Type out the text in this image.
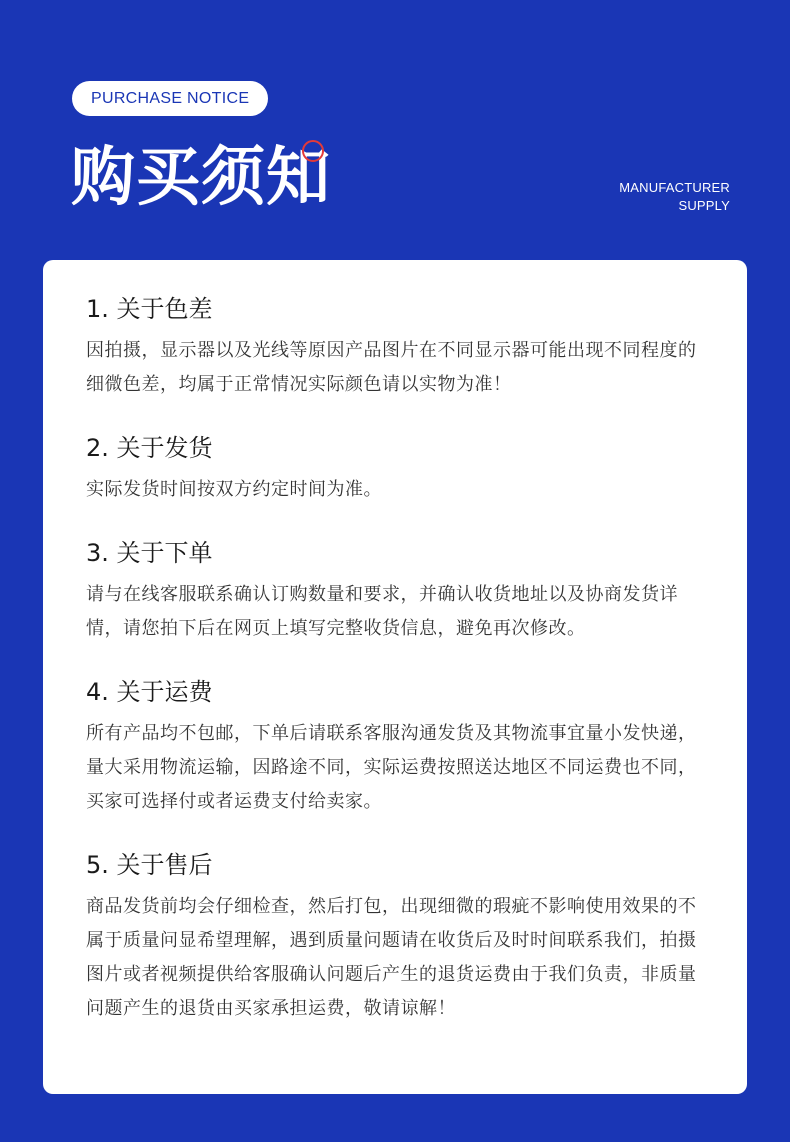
PURCHASE NOTICE
购买须知	MANUFACTURER
SUPPLY
1. 关于色差

因拍摄，显示器以及光线等原因产品图片在不同显示器可能出现不同程度的细微色差，均属于正常情况实际颜色请以实物为准！

2. 关于发货

实际发货时间按双方约定时间为准。

3. 关于下单

请与在线客服联系确认订购数量和要求，并确认收货地址以及协商发货详情，请您拍下后在网页上填写完整收货信息，避免再次修改。

4. 关于运费

所有产品均不包邮，下单后请联系客服沟通发货及其物流事宜量小发快递，量大采用物流运输，因路途不同，实际运费按照送达地区不同运费也不同，买家可选择付或者运费支付给卖家。

5. 关于售后

商品发货前均会仔细检查，然后打包，出现细微的瑕疵不影响使用效果的不属于质量问显希望理解，遇到质量问题请在收货后及时时间联系我们，拍摄图片或者视频提供给客服确认问题后产生的退货运费由于我们负责，非质量问题产生的退货由买家承担运费，敬请谅解！
